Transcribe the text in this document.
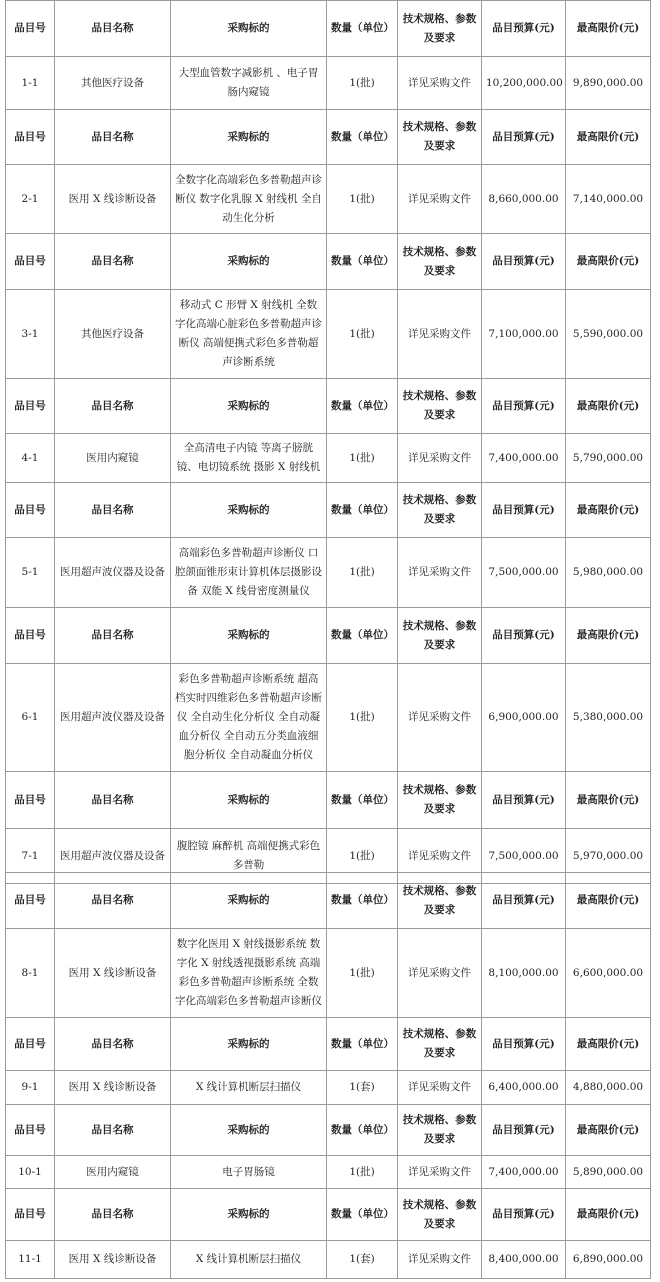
品目号	品目名称	采购标的	数量（单位）	技术规格、参数及要求	品目预算(元)	最高限价(元)
1-1	其他医疗设备	大型血管数字减影机 、电子胃肠内窥镜	1(批)	详见采购文件	10,200,000.00	9,890,000.00
品目号	品目名称	采购标的	数量（单位）	技术规格、参数及要求	品目预算(元)	最高限价(元)
2-1	医用 X 线诊断设备	全数字化高端彩色多普勒超声诊断仪 数字化乳腺 X 射线机 全自动生化分析	1(批)	详见采购文件	8,660,000.00	7,140,000.00
品目号	品目名称	采购标的	数量（单位）	技术规格、参数及要求	品目预算(元)	最高限价(元)
3-1	其他医疗设备	移动式 C 形臂 X 射线机 全数字化高端心脏彩色多普勒超声诊断仪 高端便携式彩色多普勒超声诊断系统	1(批)	详见采购文件	7,100,000.00	5,590,000.00
品目号	品目名称	采购标的	数量（单位）	技术规格、参数及要求	品目预算(元)	最高限价(元)
4-1	医用内窥镜	全高清电子内镜 等离子膀胱镜、电切镜系统 摄影 X 射线机	1(批)	详见采购文件	7,400,000.00	5,790,000.00
品目号	品目名称	采购标的	数量（单位）	技术规格、参数及要求	品目预算(元)	最高限价(元)
5-1	医用超声波仪器及设备	高端彩色多普勒超声诊断仪 口腔颌面锥形束计算机体层摄影设备 双能 X 线骨密度测量仪	1(批)	详见采购文件	7,500,000.00	5,980,000.00
品目号	品目名称	采购标的	数量（单位）	技术规格、参数及要求	品目预算(元)	最高限价(元)
6-1	医用超声波仪器及设备	彩色多普勒超声诊断系统 超高档实时四维彩色多普勒超声诊断仪 全自动生化分析仪 全自动凝血分析仪 全自动五分类血液细胞分析仪 全自动凝血分析仪	1(批)	详见采购文件	6,900,000.00	5,380,000.00
品目号	品目名称	采购标的	数量（单位）	技术规格、参数及要求	品目预算(元)	最高限价(元)
7-1	医用超声波仪器及设备	腹腔镜 麻醉机 高端便携式彩色多普勒	1(批)	详见采购文件	7,500,000.00	5,970,000.00
品目号	品目名称	采购标的	数量（单位）	技术规格、参数及要求	品目预算(元)	最高限价(元)
8-1	医用 X 线诊断设备	数字化医用 X 射线摄影系统 数字化 X 射线透视摄影系统 高端彩色多普勒超声诊断系统 全数字化高端彩色多普勒超声诊断仪	1(批)	详见采购文件	8,100,000.00	6,600,000.00
品目号	品目名称	采购标的	数量（单位）	技术规格、参数及要求	品目预算(元)	最高限价(元)
9-1	医用 X 线诊断设备	X 线计算机断层扫描仪	1(套)	详见采购文件	6,400,000.00	4,880,000.00
品目号	品目名称	采购标的	数量（单位）	技术规格、参数及要求	品目预算(元)	最高限价(元)
10-1	医用内窥镜	电子胃肠镜	1(批)	详见采购文件	7,400,000.00	5,890,000.00
品目号	品目名称	采购标的	数量（单位）	技术规格、参数及要求	品目预算(元)	最高限价(元)
11-1	医用 X 线诊断设备	X 线计算机断层扫描仪	1(套)	详见采购文件	8,400,000.00	6,890,000.00
